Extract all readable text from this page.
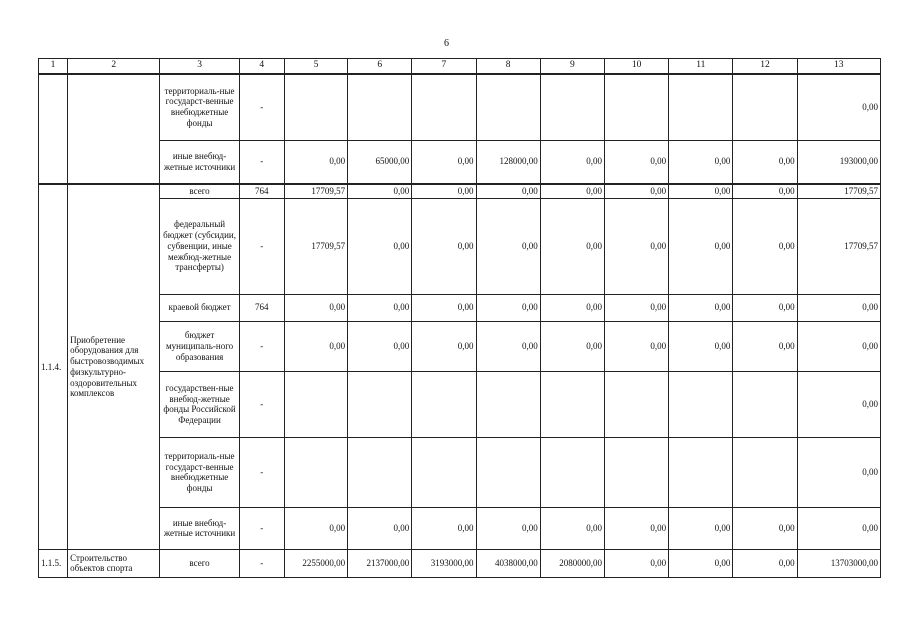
6
1	2	3	4	5	6	7	8	9	10	11	12	13
		территориаль-ные государст-венные внебюджетные фонды	-									0,00
		иные внебюд-жетные источники	-	0,00	65000,00	0,00	128000,00	0,00	0,00	0,00	0,00	193000,00
1.1.4.	Приобретение оборудования для быстровозводимых физкультурно-оздоровительных комплексов	всего	764	17709,57	0,00	0,00	0,00	0,00	0,00	0,00	0,00	17709,57
		федеральный бюджет (субсидии, субвенции, иные межбюд-жетные трансферты)	-	17709,57	0,00	0,00	0,00	0,00	0,00	0,00	0,00	17709,57
		краевой бюджет	764	0,00	0,00	0,00	0,00	0,00	0,00	0,00	0,00	0,00
		бюджет муниципаль-ного образования	-	0,00	0,00	0,00	0,00	0,00	0,00	0,00	0,00	0,00
		государствен-ные внебюд-жетные фонды Российской Федерации	-									0,00
		территориаль-ные государст-венные внебюджетные фонды	-									0,00
		иные внебюд-жетные источники	-	0,00	0,00	0,00	0,00	0,00	0,00	0,00	0,00	0,00
1.1.5.	Строительство объектов спорта	всего	-	2255000,00	2137000,00	3193000,00	4038000,00	2080000,00	0,00	0,00	0,00	13703000,00
